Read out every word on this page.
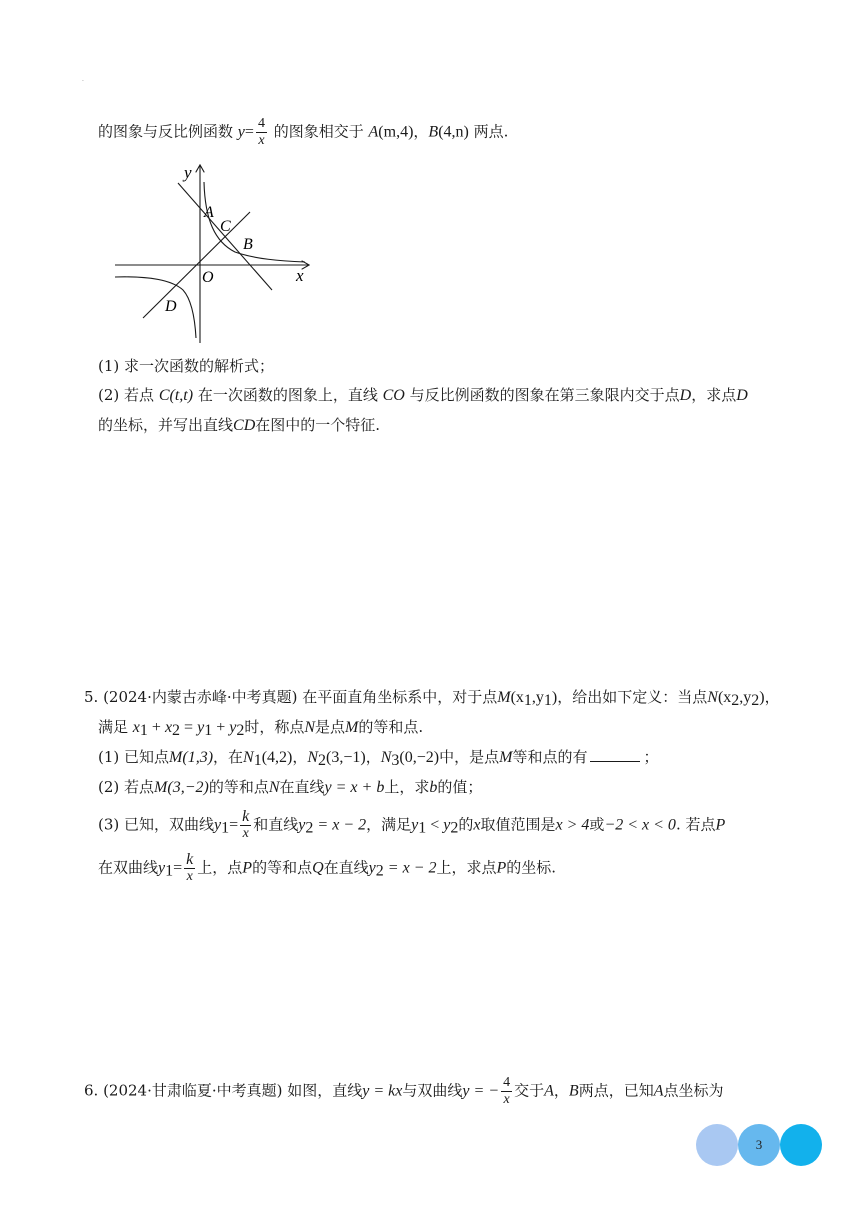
·
的图象与反比例函数 $y= \frac{4}{x}$ 的图象相交于 A(m,4)，B(4,n) 两点.
y
x
A
C
B
O
D
(1) 求一次函数的解析式；
(2) 若点 C(t,t) 在一次函数的图象上，直线 CO 与反比例函数的图象在第三象限内交于点D，求点D
的坐标，并写出直线CD在图中的一个特征.
5. (2024·内蒙古赤峰·中考真题) 在平面直角坐标系中，对于点$M(x_1,y_1)$，给出如下定义：当点$N(x_2,y_2)$，
满足 $x_1 + x_2 = y_1 + y_2$时，称点N是点M的等和点.
(1) 已知点M(1,3)，在$N_1(4,2)$，$N_2(3,-1)$，$N_3(0,-2)$中，是点M等和点的有	；
(2) 若点M(3,−2)的等和点N在直线y = x + b上，求b的值；
(3) 已知，双曲线$y_1= \frac{k}{x}$ 和直线$y_2 = x - 2$，满足$y_1 < y_2$的x取值范围是x > 4或−2 < x < 0. 若点P
在双曲线$y_1= \frac{k}{x}$ 上，点P的等和点Q在直线$y_2 = x - 2$上，求点P的坐标.
6. (2024·甘肃临夏·中考真题) 如图，直线y = kx与双曲线y = − $\frac{4}{x}$ 交于A，B两点，已知A点坐标为
3
